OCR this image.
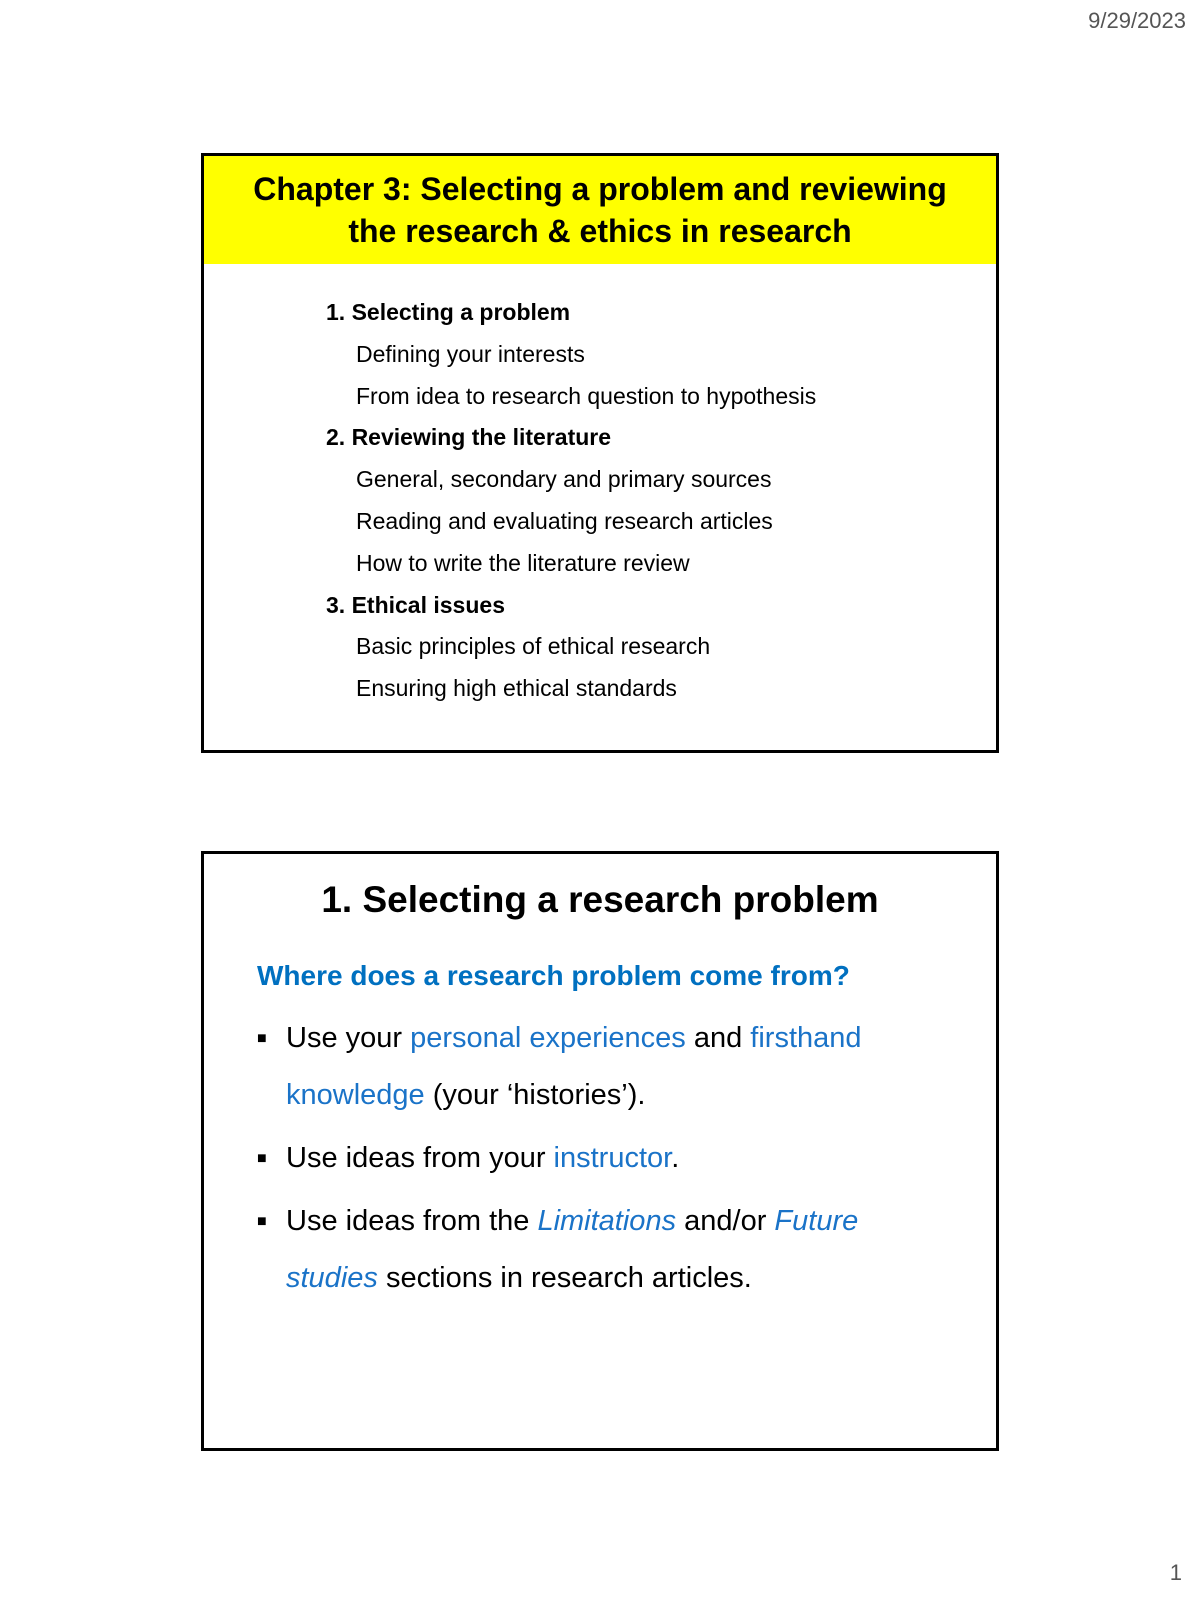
9/29/2023
Chapter 3: Selecting a problem and reviewing
the research & ethics in research
1. Selecting a problem
Defining your interests
From idea to research question to hypothesis
2. Reviewing the literature
General, secondary and primary sources
Reading and evaluating research articles
How to write the literature review
3. Ethical issues
Basic principles of ethical research
Ensuring high ethical standards
1. Selecting a research problem
Where does a research problem come from?
■ Use your personal experiences and firsthand knowledge (your ‘histories’).
■ Use ideas from your instructor.
■ Use ideas from the Limitations and/or Future studies sections in research articles.
1
